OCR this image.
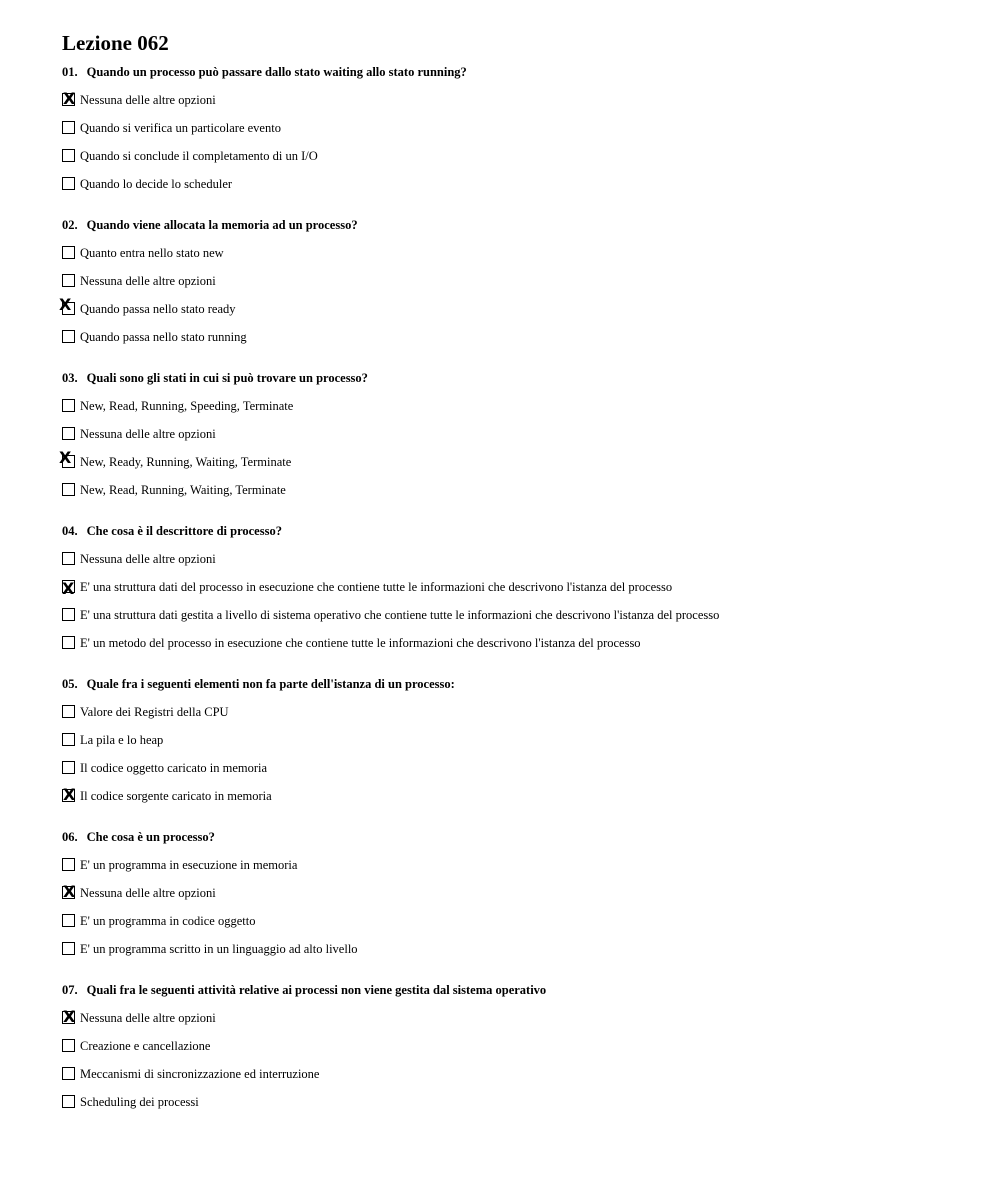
Lezione 062
01. Quando un processo può passare dallo stato waiting allo stato running?
X Nessuna delle altre opzioni
Quando si verifica un particolare evento
Quando si conclude il completamento di un I/O
Quando lo decide lo scheduler
02. Quando viene allocata la memoria ad un processo?
Quanto entra nello stato new
Nessuna delle altre opzioni
X Quando passa nello stato ready
Quando passa nello stato running
03. Quali sono gli stati in cui si può trovare un processo?
New, Read, Running, Speeding, Terminate
Nessuna delle altre opzioni
X New, Ready, Running, Waiting, Terminate
New, Read, Running, Waiting, Terminate
04. Che cosa è il descrittore di processo?
Nessuna delle altre opzioni
X E' una struttura dati del processo in esecuzione che contiene tutte le informazioni che descrivono l'istanza del processo
E' una struttura dati gestita a livello di sistema operativo che contiene tutte le informazioni che descrivono l'istanza del processo
E' un metodo del processo in esecuzione che contiene tutte le informazioni che descrivono l'istanza del processo
05. Quale fra i seguenti elementi non fa parte dell'istanza di un processo:
Valore dei Registri della CPU
La pila e lo heap
Il codice oggetto caricato in memoria
X Il codice sorgente caricato in memoria
06. Che cosa è un processo?
E' un programma in esecuzione in memoria
X Nessuna delle altre opzioni
E' un programma in codice oggetto
E' un programma scritto in un linguaggio ad alto livello
07. Quali fra le seguenti attività relative ai processi non viene gestita dal sistema operativo
X Nessuna delle altre opzioni
Creazione e cancellazione
Meccanismi di sincronizzazione ed interruzione
Scheduling dei processi
